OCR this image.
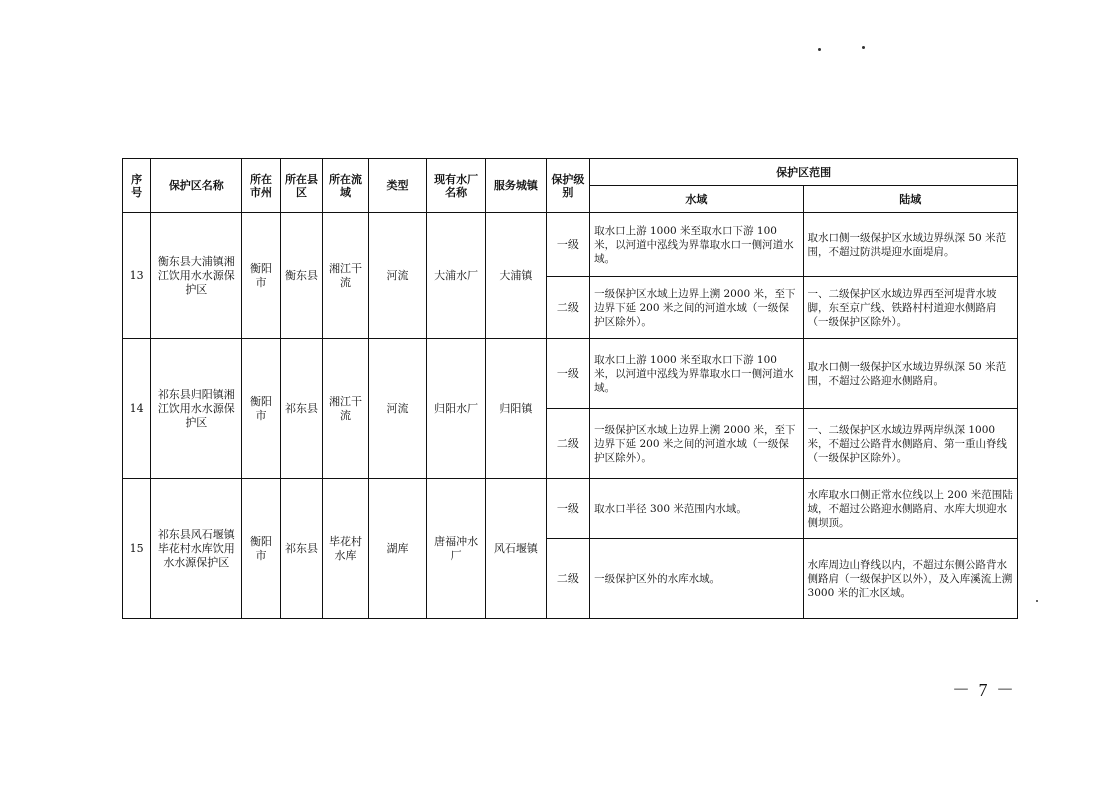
序号	保护区名称	所在市州	所在县区	所在流域	类型	现有水厂名称	服务城镇	保护级别	保护区范围	
									水域	陆域
13	衡东县大浦镇湘江饮用水水源保护区	衡阳市	衡东县	湘江干流	河流	大浦水厂	大浦镇	一级	取水口上游 1000 米至取水口下游 100 米，以河道中泓线为界靠取水口一侧河道水域。	取水口侧一级保护区水域边界纵深 50 米范围，不超过防洪堤迎水面堤肩。
								二级	一级保护区水域上边界上溯 2000 米，至下边界下延 200 米之间的河道水域（一级保护区除外）。	一、二级保护区水域边界西至河堤背水坡脚，东至京广线、铁路村村道迎水侧路肩（一级保护区除外）。
14	祁东县归阳镇湘江饮用水水源保护区	衡阳市	祁东县	湘江干流	河流	归阳水厂	归阳镇	一级	取水口上游 1000 米至取水口下游 100 米，以河道中泓线为界靠取水口一侧河道水域。	取水口侧一级保护区水域边界纵深 50 米范围，不超过公路迎水侧路肩。
								二级	一级保护区水域上边界上溯 2000 米，至下边界下延 200 米之间的河道水域（一级保护区除外）。	一、二级保护区水域边界两岸纵深 1000 米，不超过公路背水侧路肩、第一重山脊线（一级保护区除外）。
15	祁东县风石堰镇毕花村水库饮用水水源保护区	衡阳市	祁东县	毕花村水库	湖库	唐福冲水厂	风石堰镇	一级	取水口半径 300 米范围内水域。	水库取水口侧正常水位线以上 200 米范围陆域，不超过公路迎水侧路肩、水库大坝迎水侧坝顶。
								二级	一级保护区外的水库水域。	水库周边山脊线以内，不超过东侧公路背水侧路肩（一级保护区以外），及入库溪流上溯 3000 米的汇水区域。
－ 7 －
